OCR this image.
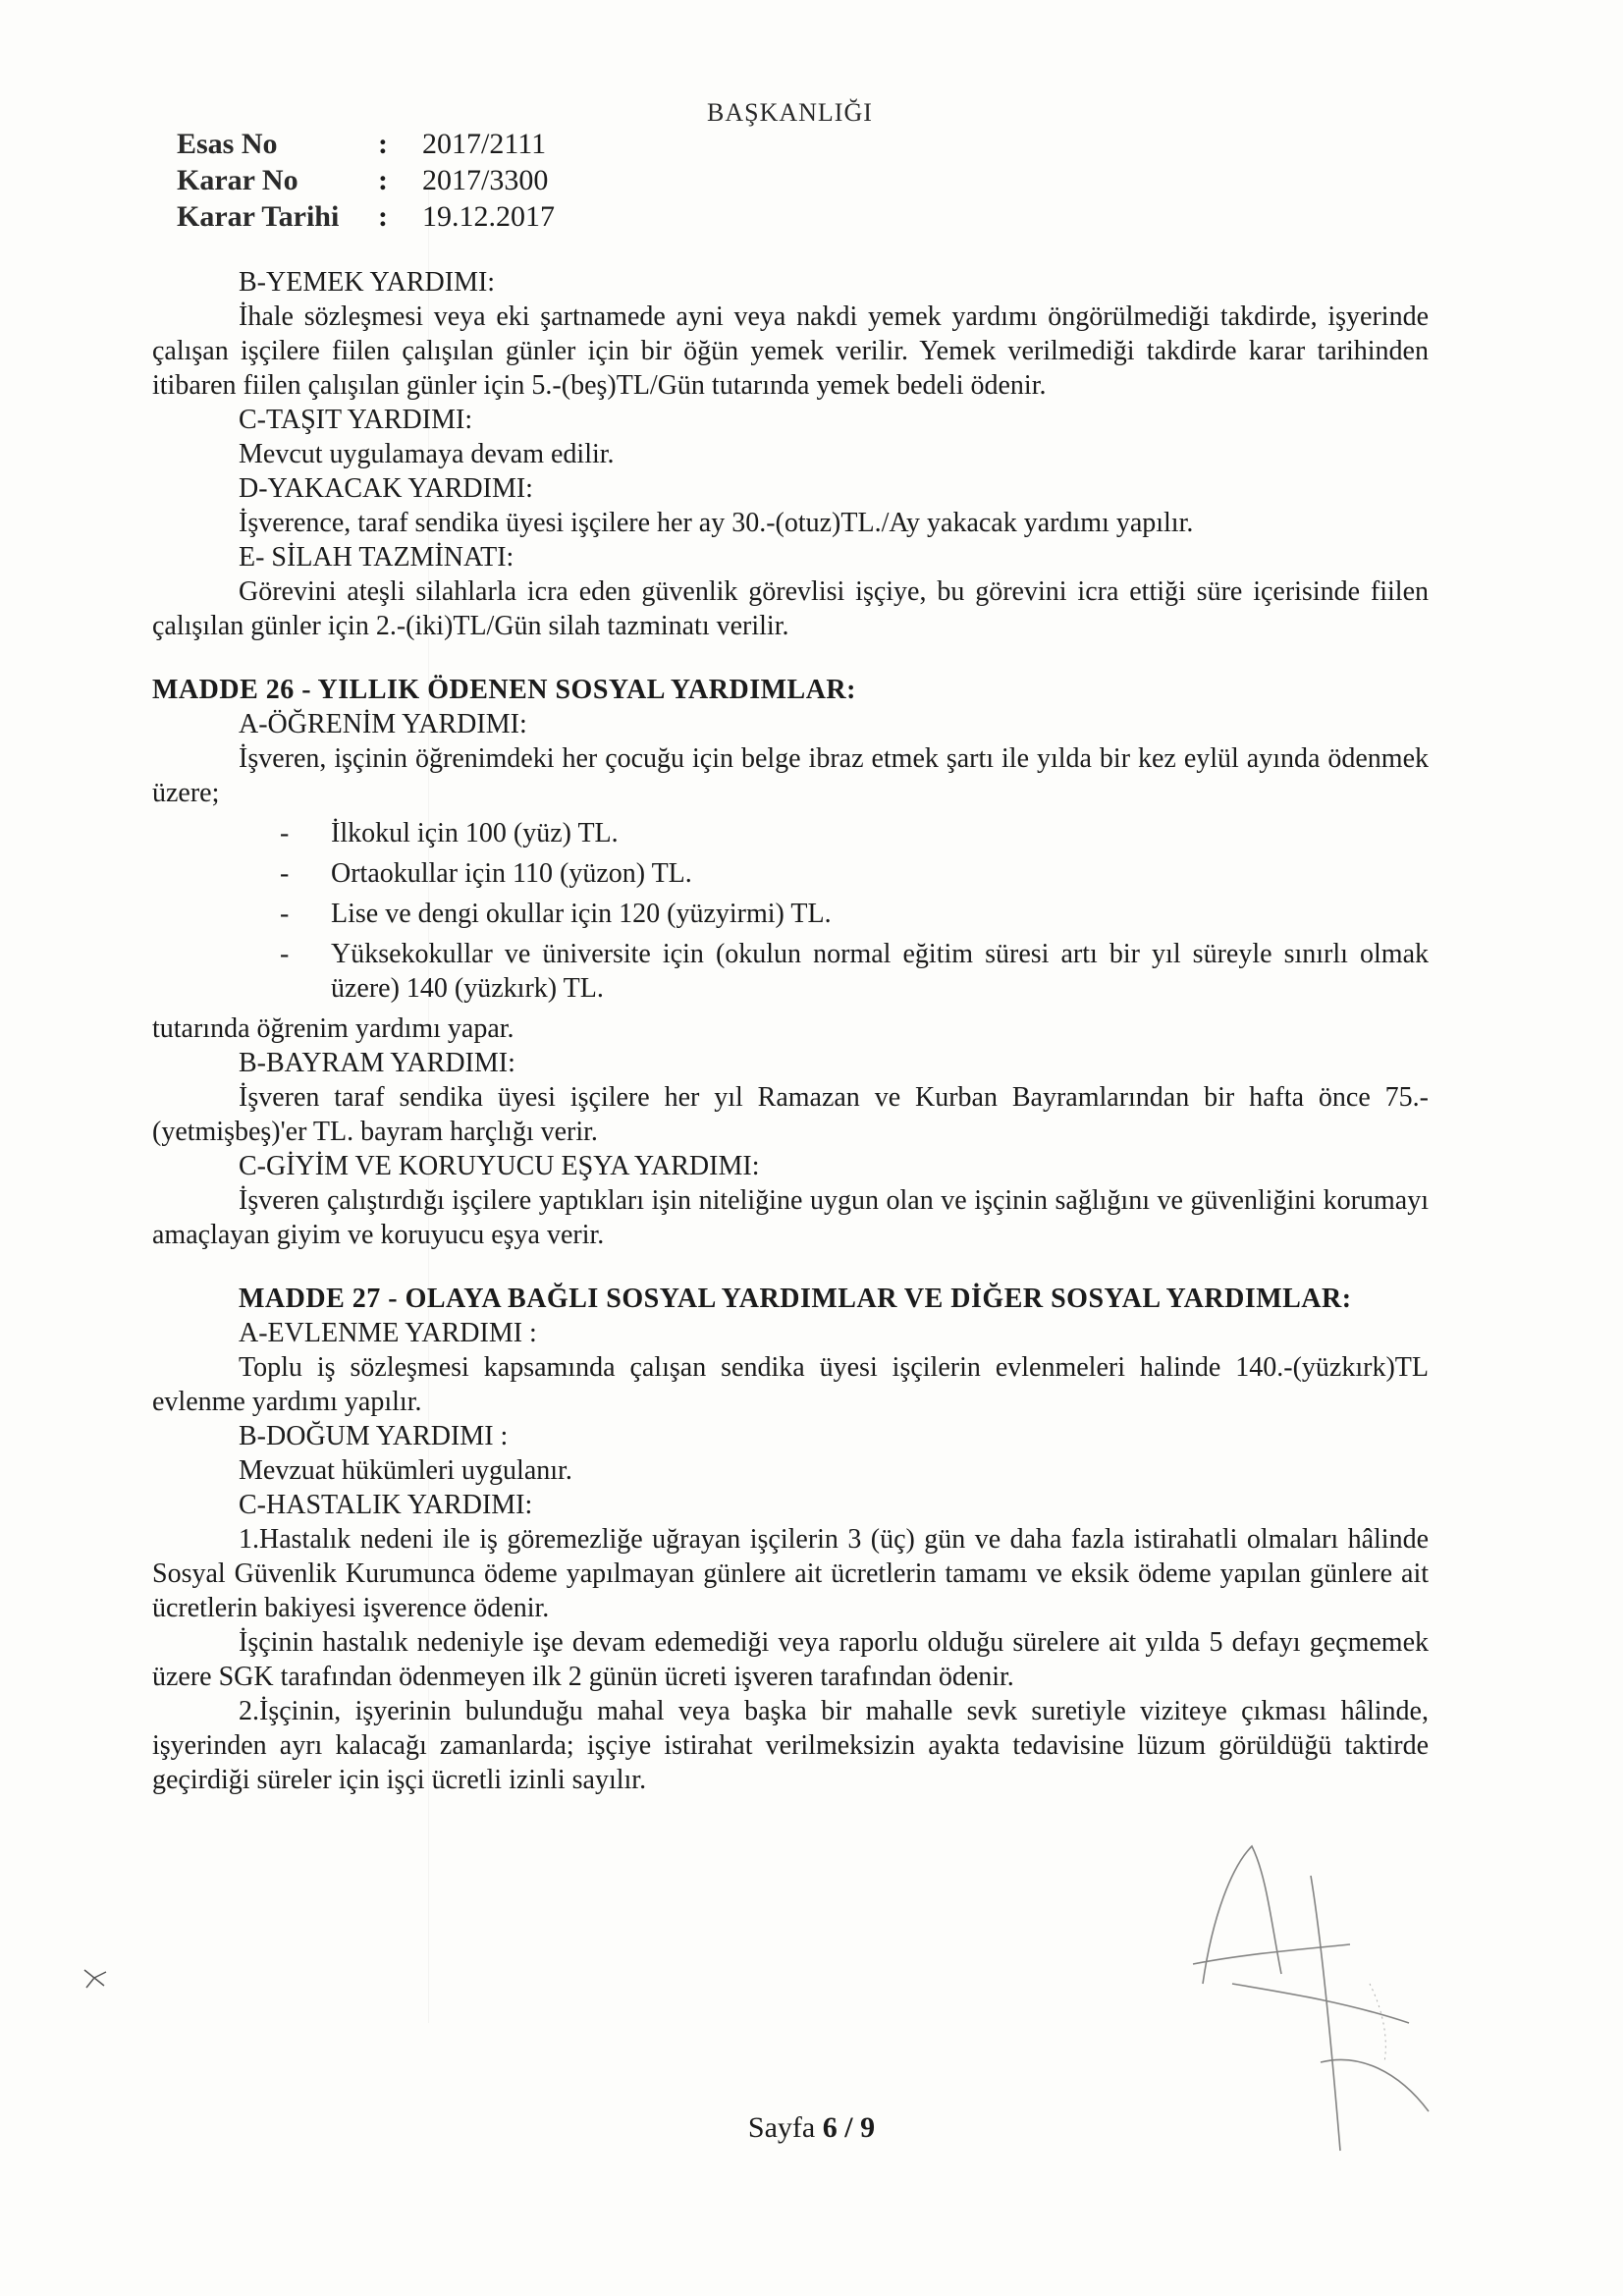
BAŞKANLIĞI
Esas No	:	2017/2111
Karar No	:	2017/3300
Karar Tarihi	:	19.12.2017

B-YEMEK YARDIMI:

İhale sözleşmesi veya eki şartnamede ayni veya nakdi yemek yardımı öngörülmediği takdirde, işyerinde çalışan işçilere fiilen çalışılan günler için bir öğün yemek verilir. Yemek verilmediği takdirde karar tarihinden itibaren fiilen çalışılan günler için 5.-(beş)TL/Gün tutarında yemek bedeli ödenir.

C-TAŞIT YARDIMI:

Mevcut uygulamaya devam edilir.

D-YAKACAK YARDIMI:

İşverence, taraf sendika üyesi işçilere her ay 30.-(otuz)TL./Ay yakacak yardımı yapılır.

E- SİLAH TAZMİNATI:

Görevini ateşli silahlarla icra eden güvenlik görevlisi işçiye, bu görevini icra ettiği süre içerisinde fiilen çalışılan günler için 2.-(iki)TL/Gün silah tazminatı verilir.

MADDE 26 - YILLIK ÖDENEN SOSYAL YARDIMLAR:

A-ÖĞRENİM YARDIMI:

İşveren, işçinin öğrenimdeki her çocuğu için belge ibraz etmek şartı ile yılda bir kez eylül ayında ödenmek üzere;

-	İlkokul için 100 (yüz) TL.
-	Ortaokullar için 110 (yüzon) TL.
-	Lise ve dengi okullar için 120 (yüzyirmi) TL.
-	Yüksekokullar ve üniversite için (okulun normal eğitim süresi artı bir yıl süreyle sınırlı olmak üzere) 140 (yüzkırk) TL.

tutarında öğrenim yardımı yapar.

B-BAYRAM YARDIMI:

İşveren taraf sendika üyesi işçilere her yıl Ramazan ve Kurban Bayramlarından bir hafta önce 75.-(yetmişbeş)'er TL. bayram harçlığı verir.

C-GİYİM VE KORUYUCU EŞYA YARDIMI:

İşveren çalıştırdığı işçilere yaptıkları işin niteliğine uygun olan ve işçinin sağlığını ve güvenliğini korumayı amaçlayan giyim ve koruyucu eşya verir.

MADDE 27 - OLAYA BAĞLI SOSYAL YARDIMLAR VE DİĞER SOSYAL YARDIMLAR:

A-EVLENME YARDIMI :

Toplu iş sözleşmesi kapsamında çalışan sendika üyesi işçilerin evlenmeleri halinde 140.-(yüzkırk)TL evlenme yardımı yapılır.

B-DOĞUM YARDIMI :

Mevzuat hükümleri uygulanır.

C-HASTALIK YARDIMI:

1.Hastalık nedeni ile iş göremezliğe uğrayan işçilerin 3 (üç) gün ve daha fazla istirahatli olmaları hâlinde Sosyal Güvenlik Kurumunca ödeme yapılmayan günlere ait ücretlerin tamamı ve eksik ödeme yapılan günlere ait ücretlerin bakiyesi işverence ödenir.

İşçinin hastalık nedeniyle işe devam edemediği veya raporlu olduğu sürelere ait yılda 5 defayı geçmemek üzere SGK tarafından ödenmeyen ilk 2 günün ücreti işveren tarafından ödenir.

2.İşçinin, işyerinin bulunduğu mahal veya başka bir mahalle sevk suretiyle viziteye çıkması hâlinde, işyerinden ayrı kalacağı zamanlarda; işçiye istirahat verilmeksizin ayakta tedavisine lüzum görüldüğü taktirde geçirdiği süreler için işçi ücretli izinli sayılır.

Sayfa 6 / 9
